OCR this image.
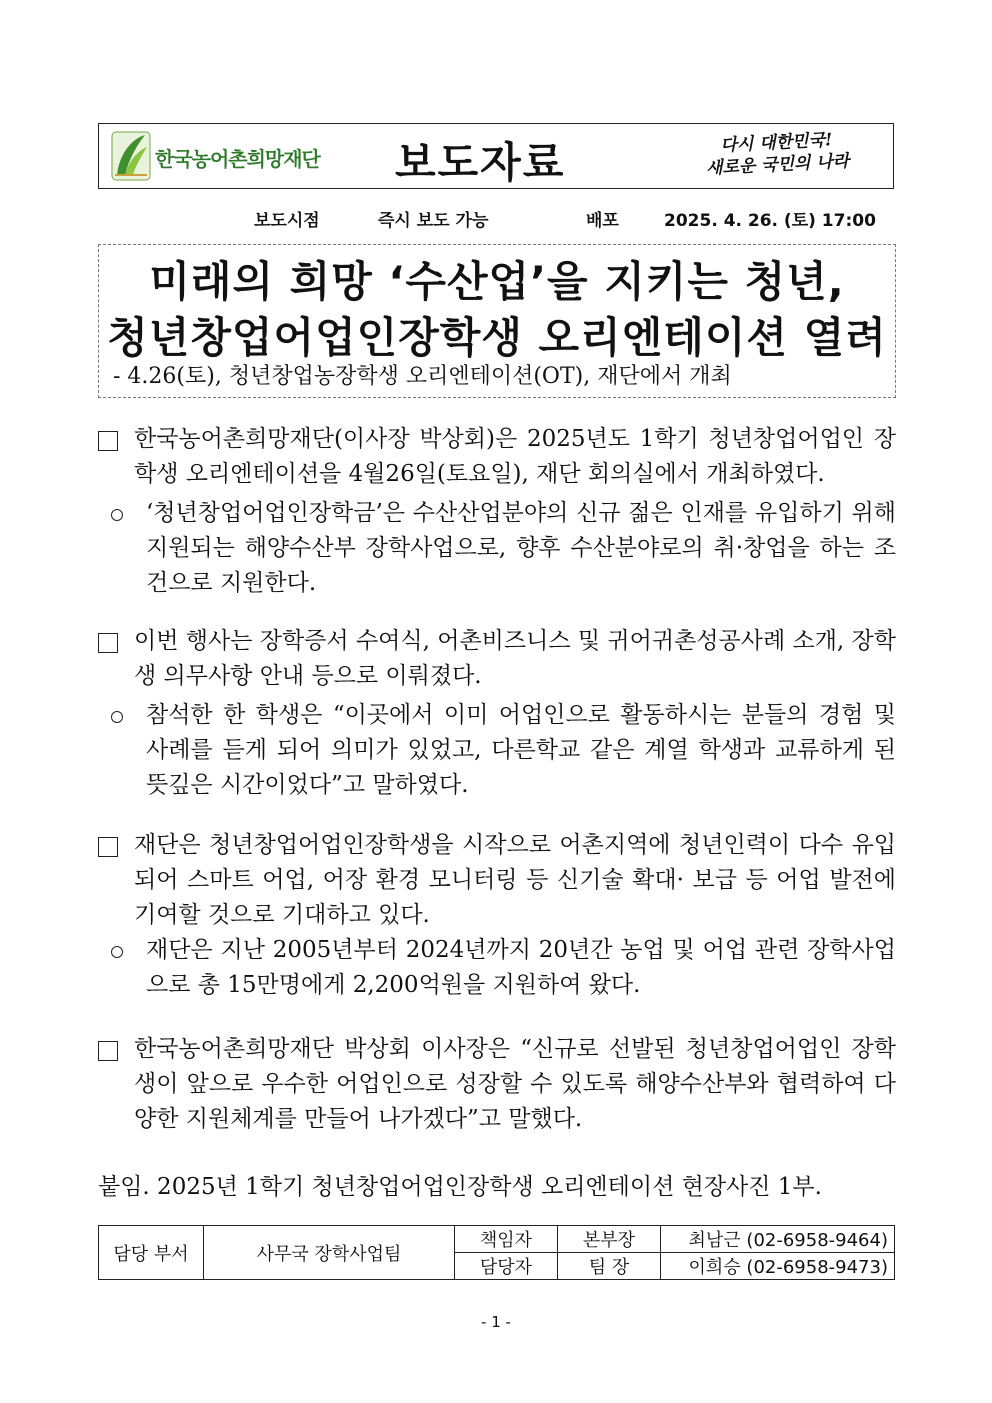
한국농어촌희망재단 보도자료	다시 대한민국!
새로운 국민의 나라
보도시점	즉시 보도 가능	배포	2025. 4. 26. (토) 17:00
미래의 희망 ‘수산업’을 지키는 청년,
청년창업어업인장학생 오리엔테이션 열려
- 4.26(토), 청년창업농장학생 오리엔테이션(OT), 재단에서 개최
한국농어촌희망재단(이사장 박상회)은 2025년도 1학기 청년창업어업인 장학생 오리엔테이션을 4월26일(토요일), 재단 회의실에서 개최하였다.
‘청년창업어업인장학금’은 수산산업분야의 신규 젊은 인재를 유입하기 위해 지원되는 해양수산부 장학사업으로, 향후 수산분야로의 취·창업을 하는 조건으로 지원한다.
이번 행사는 장학증서 수여식, 어촌비즈니스 및 귀어귀촌성공사례 소개, 장학생 의무사항 안내 등으로 이뤄졌다.
참석한 한 학생은 “이곳에서 이미 어업인으로 활동하시는 분들의 경험 및 사례를 듣게 되어 의미가 있었고, 다른학교 같은 계열 학생과 교류하게 된 뜻깊은 시간이었다”고 말하였다.
재단은 청년창업어업인장학생을 시작으로 어촌지역에 청년인력이 다수 유입되어 스마트 어업, 어장 환경 모니터링 등 신기술 확대· 보급 등 어업 발전에 기여할 것으로 기대하고 있다.
재단은 지난 2005년부터 2024년까지 20년간 농업 및 어업 관련 장학사업으로 총 15만명에게 2,200억원을 지원하여 왔다.
한국농어촌희망재단 박상회 이사장은 “신규로 선발된 청년창업어업인 장학생이 앞으로 우수한 어업인으로 성장할 수 있도록 해양수산부와 협력하여 다양한 지원체계를 만들어 나가겠다”고 말했다.
붙임. 2025년 1학기 청년창업어업인장학생 오리엔테이션 현장사진 1부.
담당 부서	사무국 장학사업팀	책임자	본부장	최남근 (02-6958-9464)
		담당자	팀 장	이희승 (02-6958-9473)
- 1 -
